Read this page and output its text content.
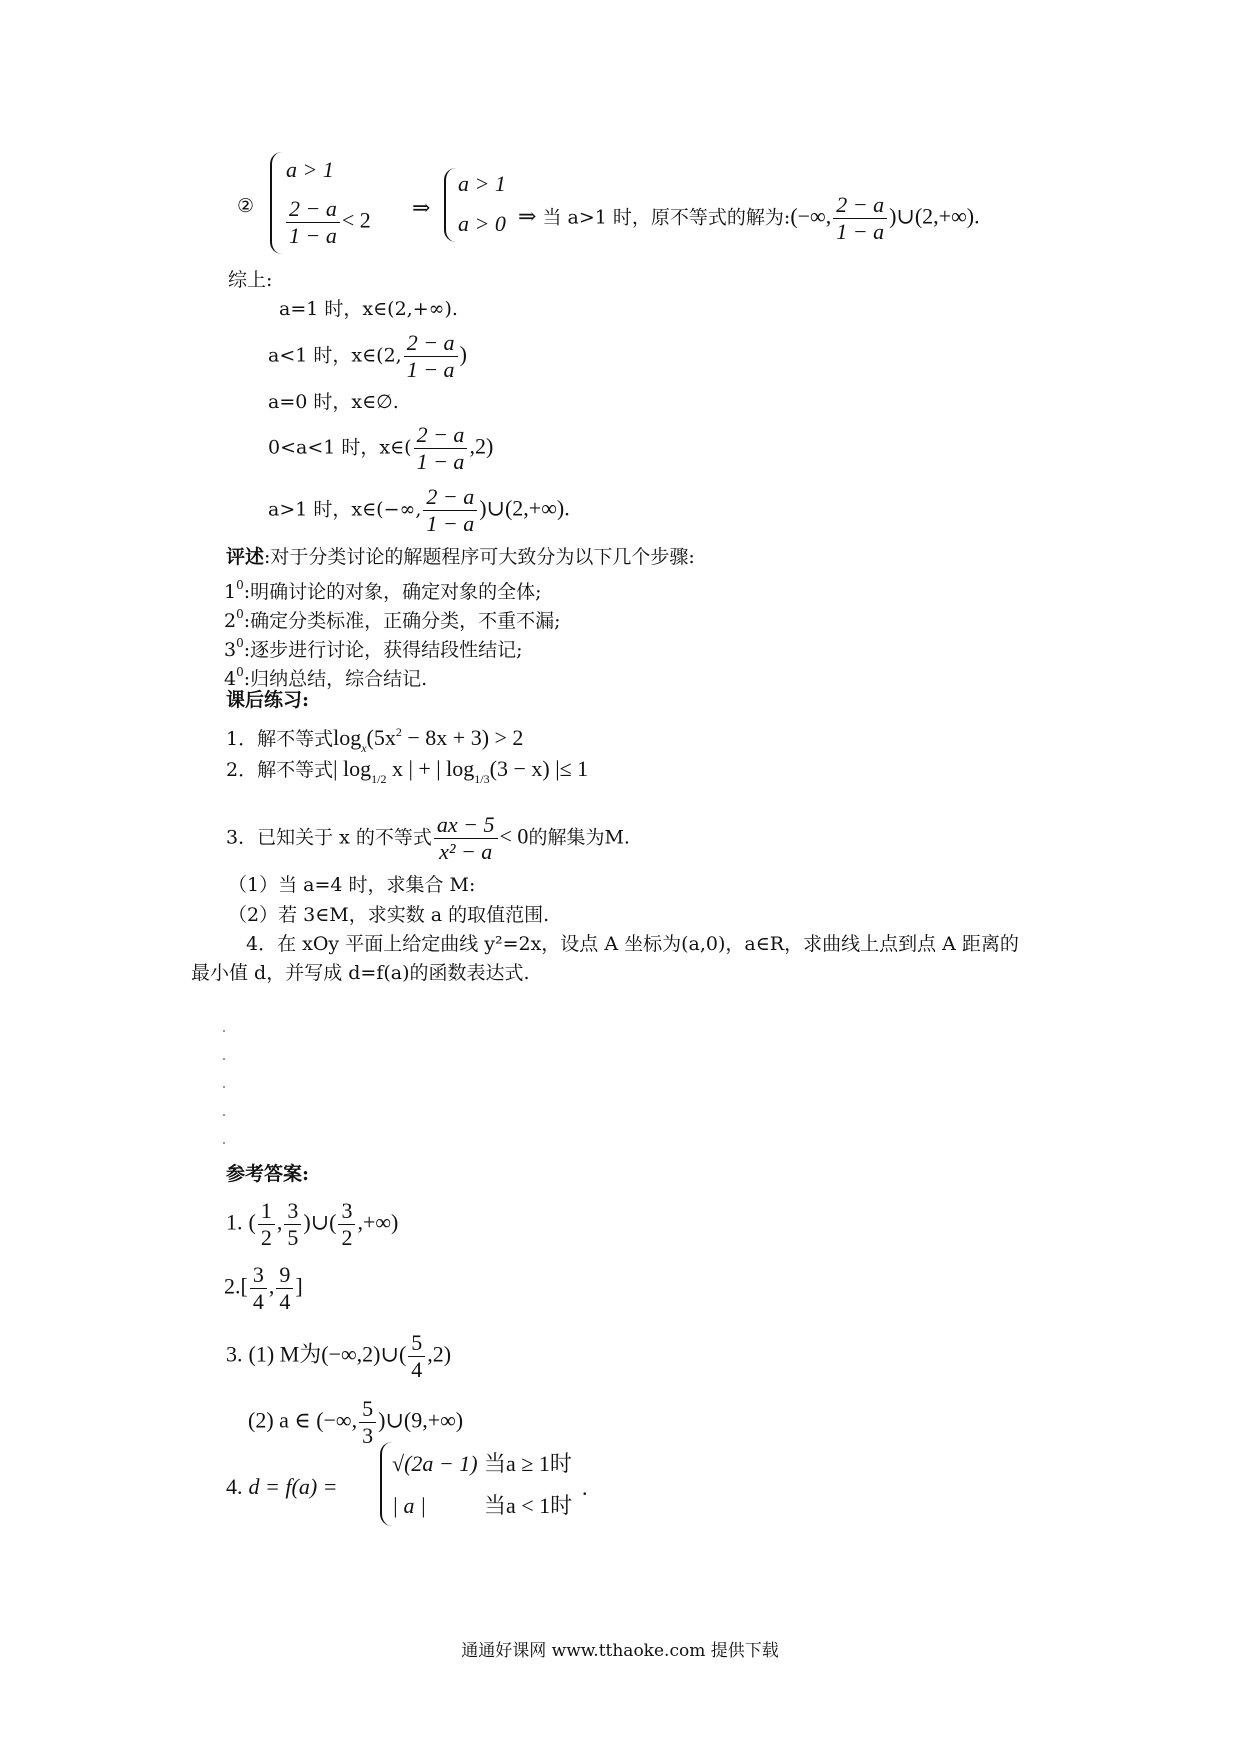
②
a > 1
$\frac{2 - a}{1 - a} < 2$ ⇒
a > 1
a > 0 ⇒ 当 a>1 时，原不等式的解为:(−∞, $\frac{2 - a}{1 - a}$ )∪(2,+∞).
综上:
a=1 时，x∈(2,+∞).
a<1 时，x∈(2, $\frac{2 - a}{1 - a}$ )
a=0 时，x∈∅.
0<a<1 时，x∈( $\frac{2 - a}{1 - a} ,2$)
a>1 时，x∈(−∞, $\frac{2 - a}{1 - a}$ )∪(2,+∞).
评述:对于分类讨论的解题程序可大致分为以下几个步骤:
$1^0$:明确讨论的对象，确定对象的全体;
$2^0$:确定分类标准，正确分类，不重不漏;
$3^0$:逐步进行讨论，获得结段性结记;
$4^0$:归纳总结，综合结记.
课后练习:
1．解不等式$\log_x(5x^2 - 8x + 3) > 2$
2．解不等式| $\log_{1/2} x$ | + | $\log_{1/3}(3 - x)$ |≤ 1
3．已知关于 x 的不等式 $\frac{ax - 5}{\text{x² − a}} < 0$的解集为M.
（1）当 a=4 时，求集合 M:
（2）若 3∈M，求实数 a 的取值范围.
4．在 xOy 平面上给定曲线 y²=2x，设点 A 坐标为(a,0)，a∈R，求曲线上点到点 A 距离的
最小值 d，并写成 d=f(a)的函数表达式.
参考答案:
1. ( $\frac{1}{2}$ , $\frac{3}{5}$ )∪( $\frac{3}{2}$ ,+∞)
$2.[ \frac{3}{4}$ , $\frac{9}{4}$ ]
3. (1) M为(−∞,2)∪( $\frac{5}{4} ,2$)
(2) a ∈ (−∞, $\frac{5}{3}$ )∪(9,+∞)
4. d = f(a) =
√(2a − 1) 当a ≥ 1时
| a |	当a < 1时
.
通通好课网 www.tthaoke.com 提供下载
